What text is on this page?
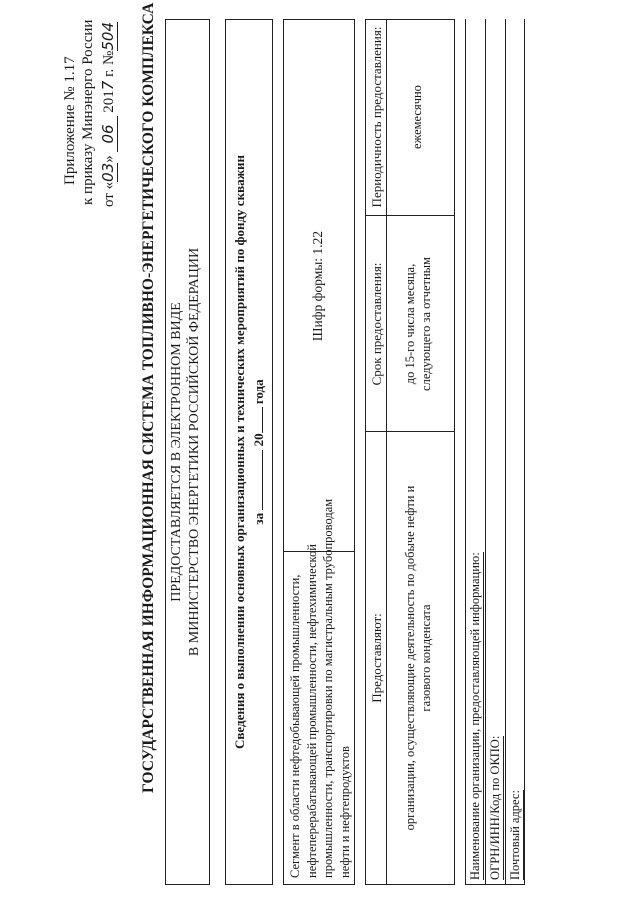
Приложение № 1.17 к приказу Минэнерго России от «03» 06 2017 г. №504 ГОСУДАРСТВЕННАЯ ИНФОРМАЦИОННАЯ СИСТЕМА ТОПЛИВНО-ЭНЕРГЕТИЧЕСКОГО КОМПЛЕКСА ПРЕДОСТАВЛЯЕТСЯ В ЭЛЕКТРОННОМ ВИДЕ В МИНИСТЕРСТВО ЭНЕРГЕТИКИ РОССИЙСКОЙ ФЕДЕРАЦИИ Сведения о выполнении основных организационных и технических мероприятий по фонду скважин за  20 года
Сегмент в области нефтедобывающей промышленности, нефтеперерабатывающей промышленности, нефтехимической промышленности, транспортировки по магистральным трубопроводам нефти и нефтепродуктов
Шифр формы: 1.22
Предоставляют:
Срок предоставления:
Периодичность предоставления:
организации, осуществляющие деятельность по добыче нефти и газового конденсата
до 15-го числа месяца, следующего за отчетным
ежемесячно
Наименование организации, предоставляющей информацию: ОГРН/ИНН/Код по ОКПО: Почтовый адрес:
